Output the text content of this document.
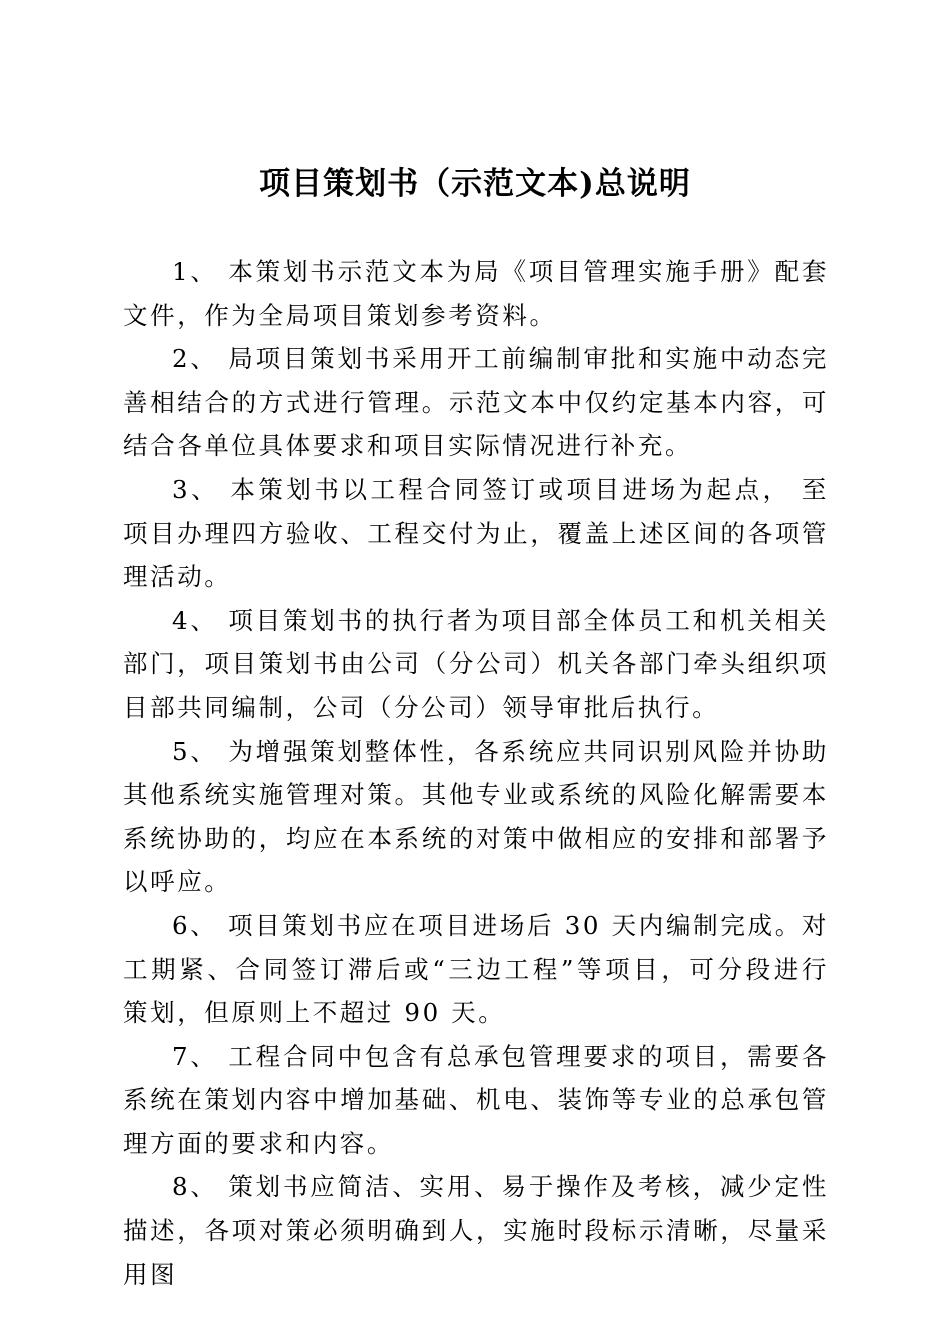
项目策划书（示范文本)总说明

1、 本策划书示范文本为局《项目管理实施手册》配套文件，作为全局项目策划参考资料。

2、 局项目策划书采用开工前编制审批和实施中动态完善相结合的方式进行管理。示范文本中仅约定基本内容，可结合各单位具体要求和项目实际情况进行补充。

3、 本策划书以工程合同签订或项目进场为起点， 至项目办理四方验收、工程交付为止，覆盖上述区间的各项管理活动。

4、 项目策划书的执行者为项目部全体员工和机关相关部门，项目策划书由公司（分公司）机关各部门牵头组织项目部共同编制，公司（分公司）领导审批后执行。

5、 为增强策划整体性，各系统应共同识别风险并协助其他系统实施管理对策。其他专业或系统的风险化解需要本系统协助的，均应在本系统的对策中做相应的安排和部署予以呼应。

6、 项目策划书应在项目进场后 30 天内编制完成。对工期紧、合同签订滞后或“三边工程”等项目，可分段进行策划，但原则上不超过 90 天。

7、 工程合同中包含有总承包管理要求的项目，需要各系统在策划内容中增加基础、机电、装饰等专业的总承包管理方面的要求和内容。

8、 策划书应简洁、实用、易于操作及考核，减少定性描述，各项对策必须明确到人，实施时段标示清晰，尽量采用图
